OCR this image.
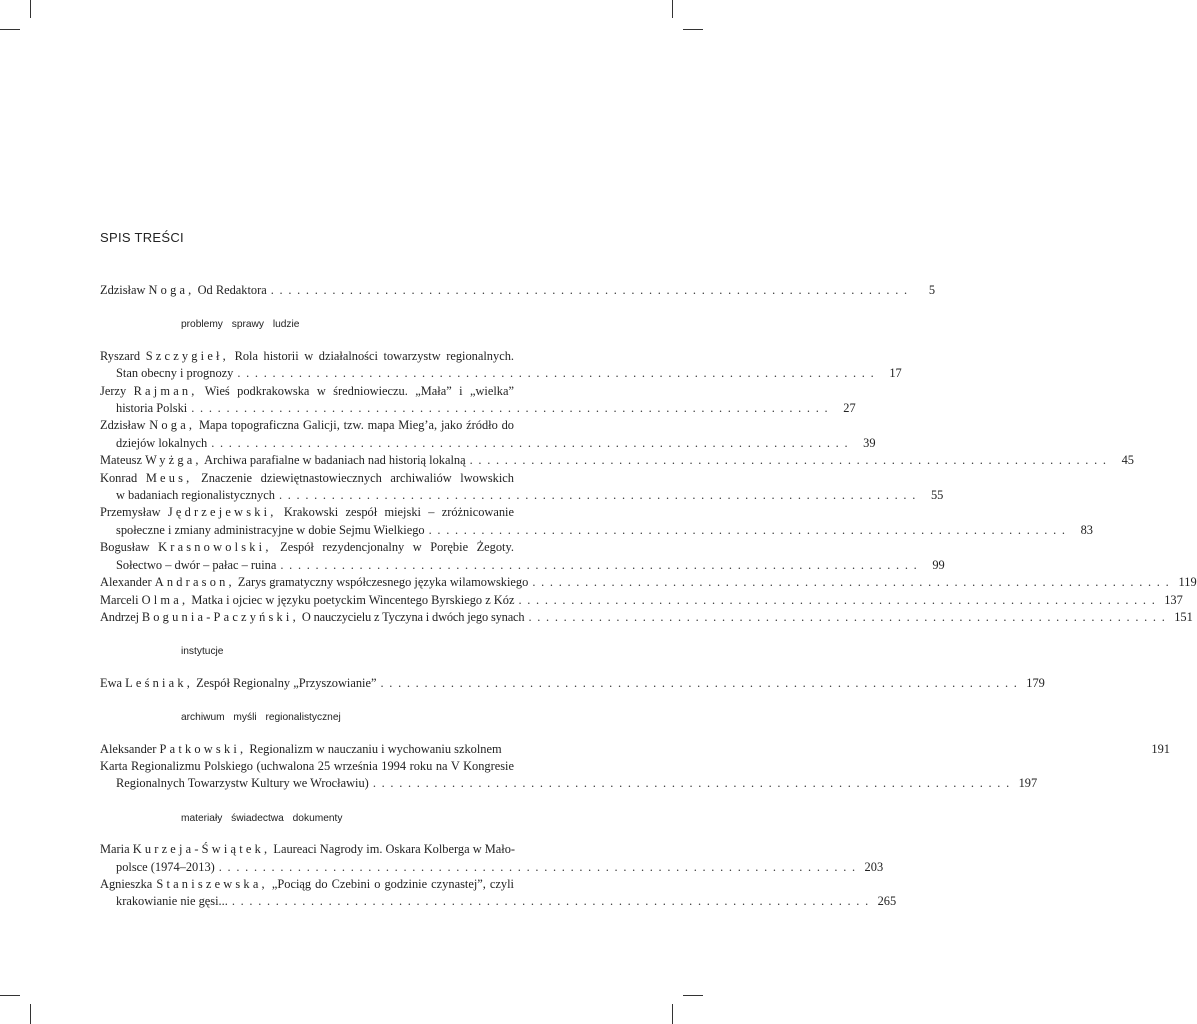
SPIS TREŚCI
Zdzisław Noga, Od Redaktora . . .	5
problemy sprawy ludzie
Ryszard Szczygieł, Rola historii w działalności towarzystw regionalnych.
Stan obecny i prognozy . . .	17
Jerzy Rajman, Wieś podkrakowska w średniowieczu. „Mała” i „wielka”
historia Polski . . .	27
Zdzisław Noga, Mapa topograficzna Galicji, tzw. mapa Mieg’a, jako źródło do
dziejów lokalnych . . .	39
Mateusz Wyżga, Archiwa parafialne w badaniach nad historią lokalną . . .	45
Konrad Meus, Znaczenie dziewiętnastowiecznych archiwaliów lwowskich
w badaniach regionalistycznych . . .	55
Przemysław Jędrzejewski, Krakowski zespół miejski – zróżnicowanie
społeczne i zmiany administracyjne w dobie Sejmu Wielkiego . . .	83
Bogusław Krasnowolski, Zespół rezydencjonalny w Porębie Żegoty.
Sołectwo – dwór – pałac – ruina . . .	99
Alexander Andrason, Zarys gramatyczny współczesnego języka wilamowskiego . . .	119
Marceli Olma, Matka i ojciec w języku poetyckim Wincentego Byrskiego z Kóz . . .	137
Andrzej Bogunia-Paczyński, O nauczycielu z Tyczyna i dwóch jego synach . . .	151
instytucje
Ewa Leśniak, Zespół Regionalny „Przyszowianie” . . .	179
archiwum myśli regionalistycznej
Aleksander Patkowski, Regionalizm w nauczaniu i wychowaniu szkolnem	191
Karta Regionalizmu Polskiego (uchwalona 25 września 1994 roku na V Kongresie
Regionalnych Towarzystw Kultury we Wrocławiu) . . .	197
materiały świadectwa dokumenty
Maria Kurzeja-Świątek, Laureaci Nagrody im. Oskara Kolberga w Mało-
polsce (1974–2013) . . .	203
Agnieszka Staniszewska, „Pociąg do Czebini o godzinie czynastej”, czyli
krakowianie nie gęsi... . . .	265
